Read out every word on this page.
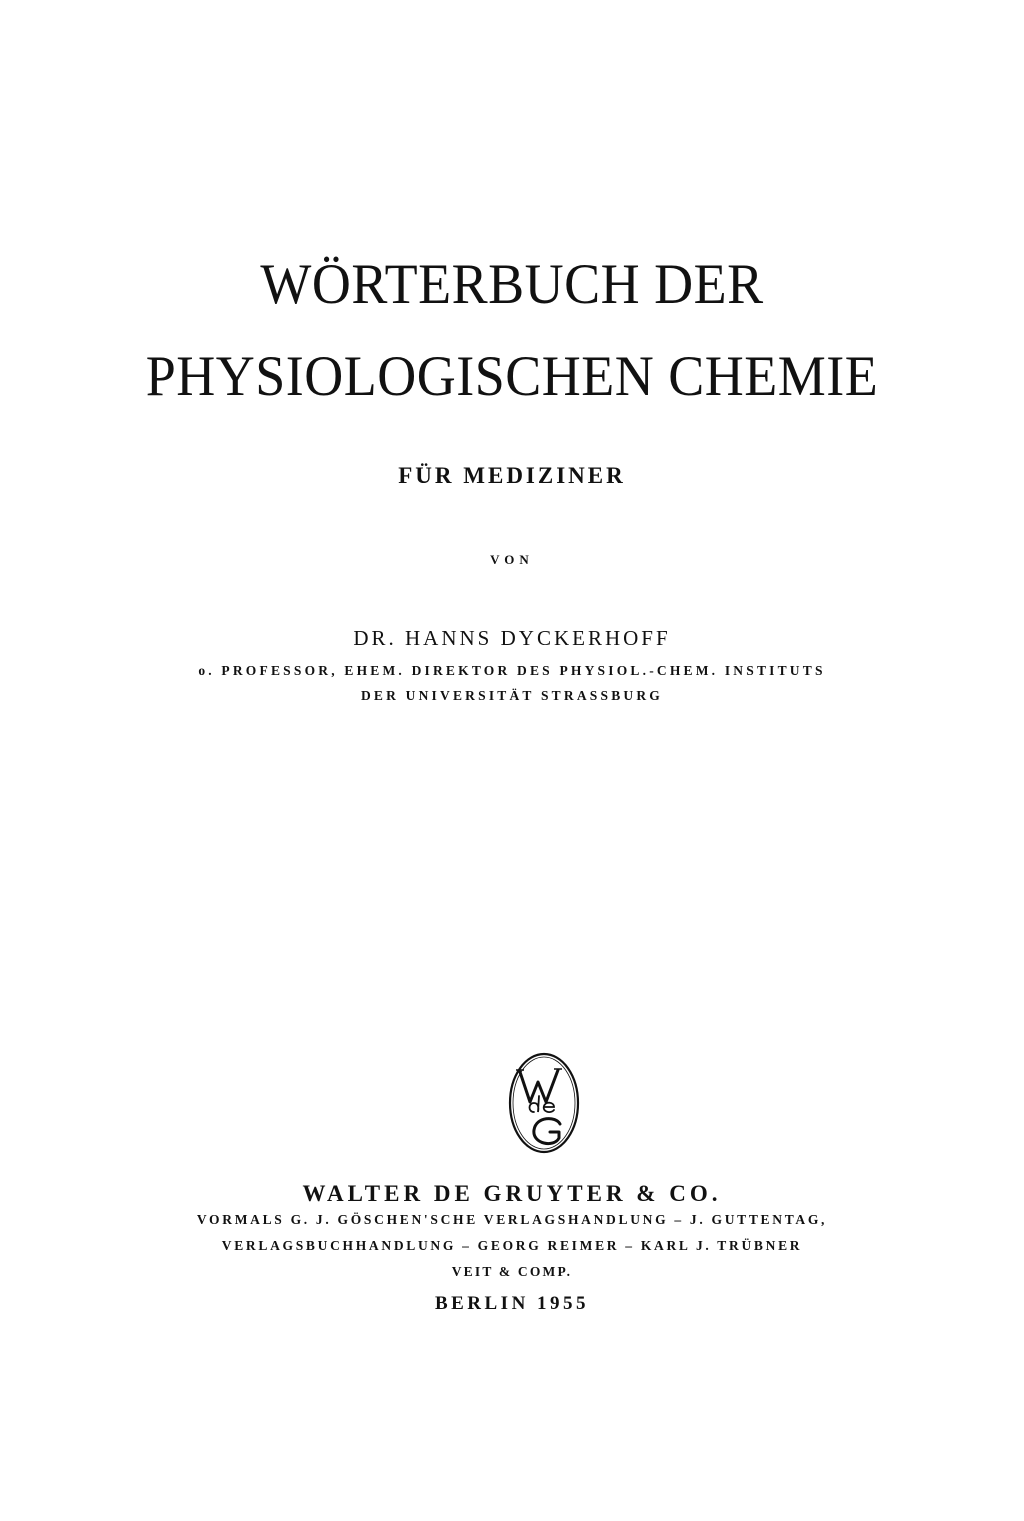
WÖRTERBUCH DER
PHYSIOLOGISCHEN CHEMIE
FÜR MEDIZINER
VON
DR. HANNS DYCKERHOFF
o. PROFESSOR, EHEM. DIREKTOR DES PHYSIOL.-CHEM. INSTITUTS
DER UNIVERSITÄT STRASSBURG
WALTER DE GRUYTER & CO.
VORMALS G. J. GÖSCHEN'SCHE VERLAGSHANDLUNG – J. GUTTENTAG,
VERLAGSBUCHHANDLUNG – GEORG REIMER – KARL J. TRÜBNER
VEIT & COMP.
BERLIN 1955
